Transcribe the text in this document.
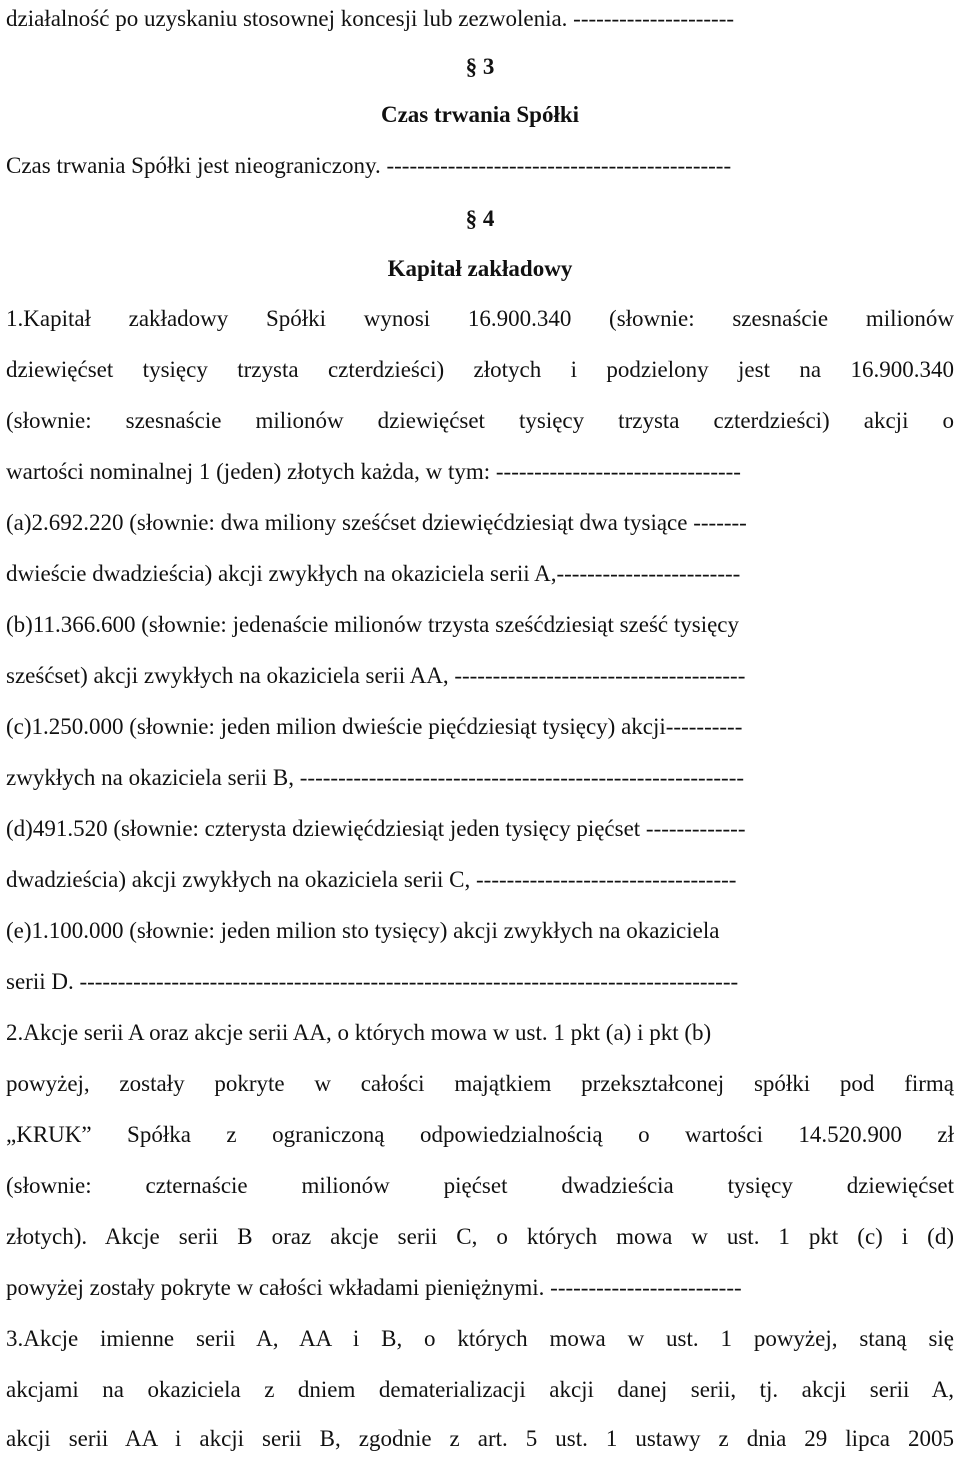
działalność po uzyskaniu stosownej koncesji lub zezwolenia. ---------------------

§ 3

Czas trwania Spółki

Czas trwania Spółki jest nieograniczony. ---------------------------------------------

§ 4

Kapitał zakładowy

1.Kapitał zakładowy Spółki wynosi 16.900.340 (słownie: szesnaście milionów

dziewięćset tysięcy trzysta czterdzieści) złotych i podzielony jest na 16.900.340

(słownie: szesnaście milionów dziewięćset tysięcy trzysta czterdzieści) akcji o

wartości nominalnej 1 (jeden) złotych każda, w tym: --------------------------------

(a)2.692.220 (słownie: dwa miliony sześćset dziewięćdziesiąt dwa tysiące -------

dwieście dwadzieścia) akcji zwykłych na okaziciela serii A,------------------------

(b)11.366.600 (słownie: jedenaście milionów trzysta sześćdziesiąt sześć tysięcy

sześćset) akcji zwykłych na okaziciela serii AA, --------------------------------------

(c)1.250.000 (słownie: jeden milion dwieście pięćdziesiąt tysięcy) akcji----------

zwykłych na okaziciela serii B, ----------------------------------------------------------

(d)491.520 (słownie: czterysta dziewięćdziesiąt jeden tysięcy pięćset -------------

dwadzieścia) akcji zwykłych na okaziciela serii C, ----------------------------------

(e)1.100.000 (słownie: jeden milion sto tysięcy) akcji zwykłych na okaziciela

serii D. --------------------------------------------------------------------------------------

2.Akcje serii A oraz akcje serii AA, o których mowa w ust. 1 pkt (a) i pkt (b)

powyżej, zostały pokryte w całości majątkiem przekształconej spółki pod firmą

„KRUK” Spółka z ograniczoną odpowiedzialnością o wartości 14.520.900 zł

(słownie: czternaście milionów pięćset dwadzieścia tysięcy dziewięćset

złotych). Akcje serii B oraz akcje serii C, o których mowa w ust. 1 pkt (c) i (d)

powyżej zostały pokryte w całości wkładami pieniężnymi. -------------------------

3.Akcje imienne serii A, AA i B, o których mowa w ust. 1 powyżej, staną się

akcjami na okaziciela z dniem dematerializacji akcji danej serii, tj. akcji serii A,

akcji serii AA i akcji serii B, zgodnie z art. 5 ust. 1 ustawy z dnia 29 lipca 2005
